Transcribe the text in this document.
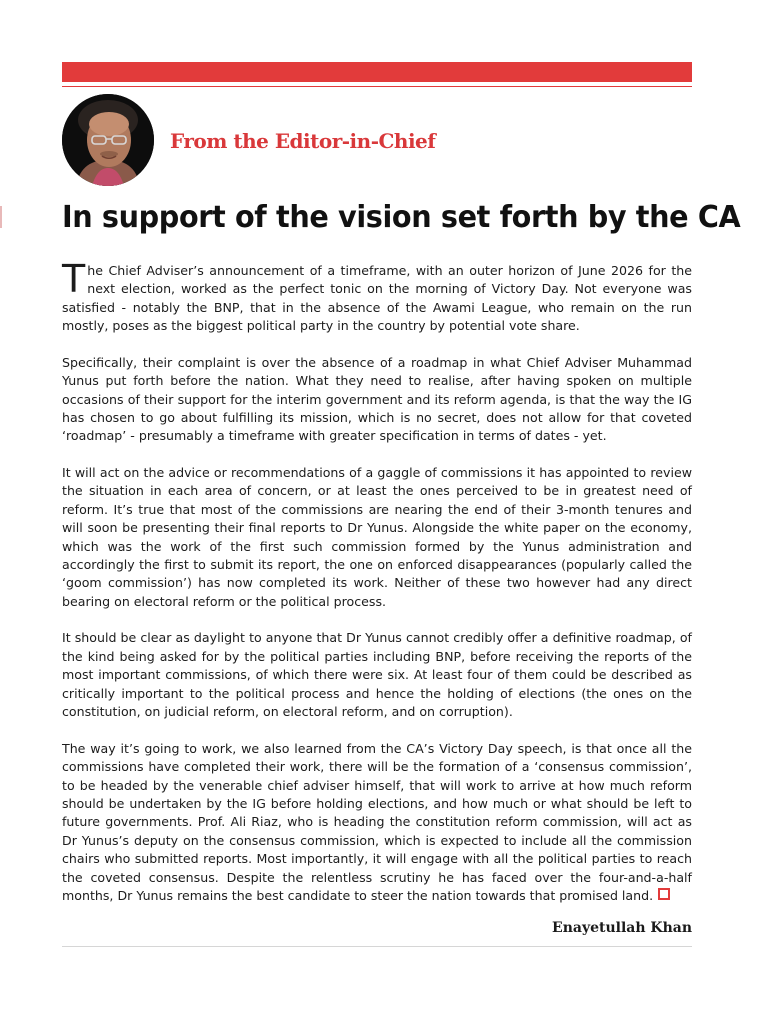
From the Editor-in-Chief
In support of the vision set forth by the CA

The Chief Adviser’s announcement of a timeframe, with an outer horizon of June 2026 for the next election, worked as the perfect tonic on the morning of Victory Day. Not everyone was satisfied - notably the BNP, that in the absence of the Awami League, who remain on the run mostly, poses as the biggest political party in the country by potential vote share.

Specifically, their complaint is over the absence of a roadmap in what Chief Adviser Muhammad Yunus put forth before the nation. What they need to realise, after having spoken on multiple occasions of their support for the interim government and its reform agenda, is that the way the IG has chosen to go about fulfilling its mission, which is no secret, does not allow for that coveted ‘roadmap’ - presumably a timeframe with greater specification in terms of dates - yet.

It will act on the advice or recommendations of a gaggle of commissions it has appointed to review the situation in each area of concern, or at least the ones perceived to be in greatest need of reform. It’s true that most of the commissions are nearing the end of their 3-month tenures and will soon be presenting their final reports to Dr Yunus. Alongside the white paper on the economy, which was the work of the first such commission formed by the Yunus administration and accordingly the first to submit its report, the one on enforced disappearances (popularly called the ‘goom commission’) has now completed its work. Neither of these two however had any direct bearing on electoral reform or the political process.

It should be clear as daylight to anyone that Dr Yunus cannot credibly offer a definitive roadmap, of the kind being asked for by the political parties including BNP, before receiving the reports of the most important commissions, of which there were six. At least four of them could be described as critically important to the political process and hence the holding of elections (the ones on the constitution, on judicial reform, on electoral reform, and on corruption).

The way it’s going to work, we also learned from the CA’s Victory Day speech, is that once all the commissions have completed their work, there will be the formation of a ‘consensus commission’, to be headed by the venerable chief adviser himself, that will work to arrive at how much reform should be undertaken by the IG before holding elections, and how much or what should be left to future governments. Prof. Ali Riaz, who is heading the constitution reform commission, will act as Dr Yunus’s deputy on the consensus commission, which is expected to include all the commission chairs who submitted reports. Most importantly, it will engage with all the political parties to reach the coveted consensus. Despite the relentless scrutiny he has faced over the four-and-a-half months, Dr Yunus remains the best candidate to steer the nation towards that promised land.

Enayetullah Khan
